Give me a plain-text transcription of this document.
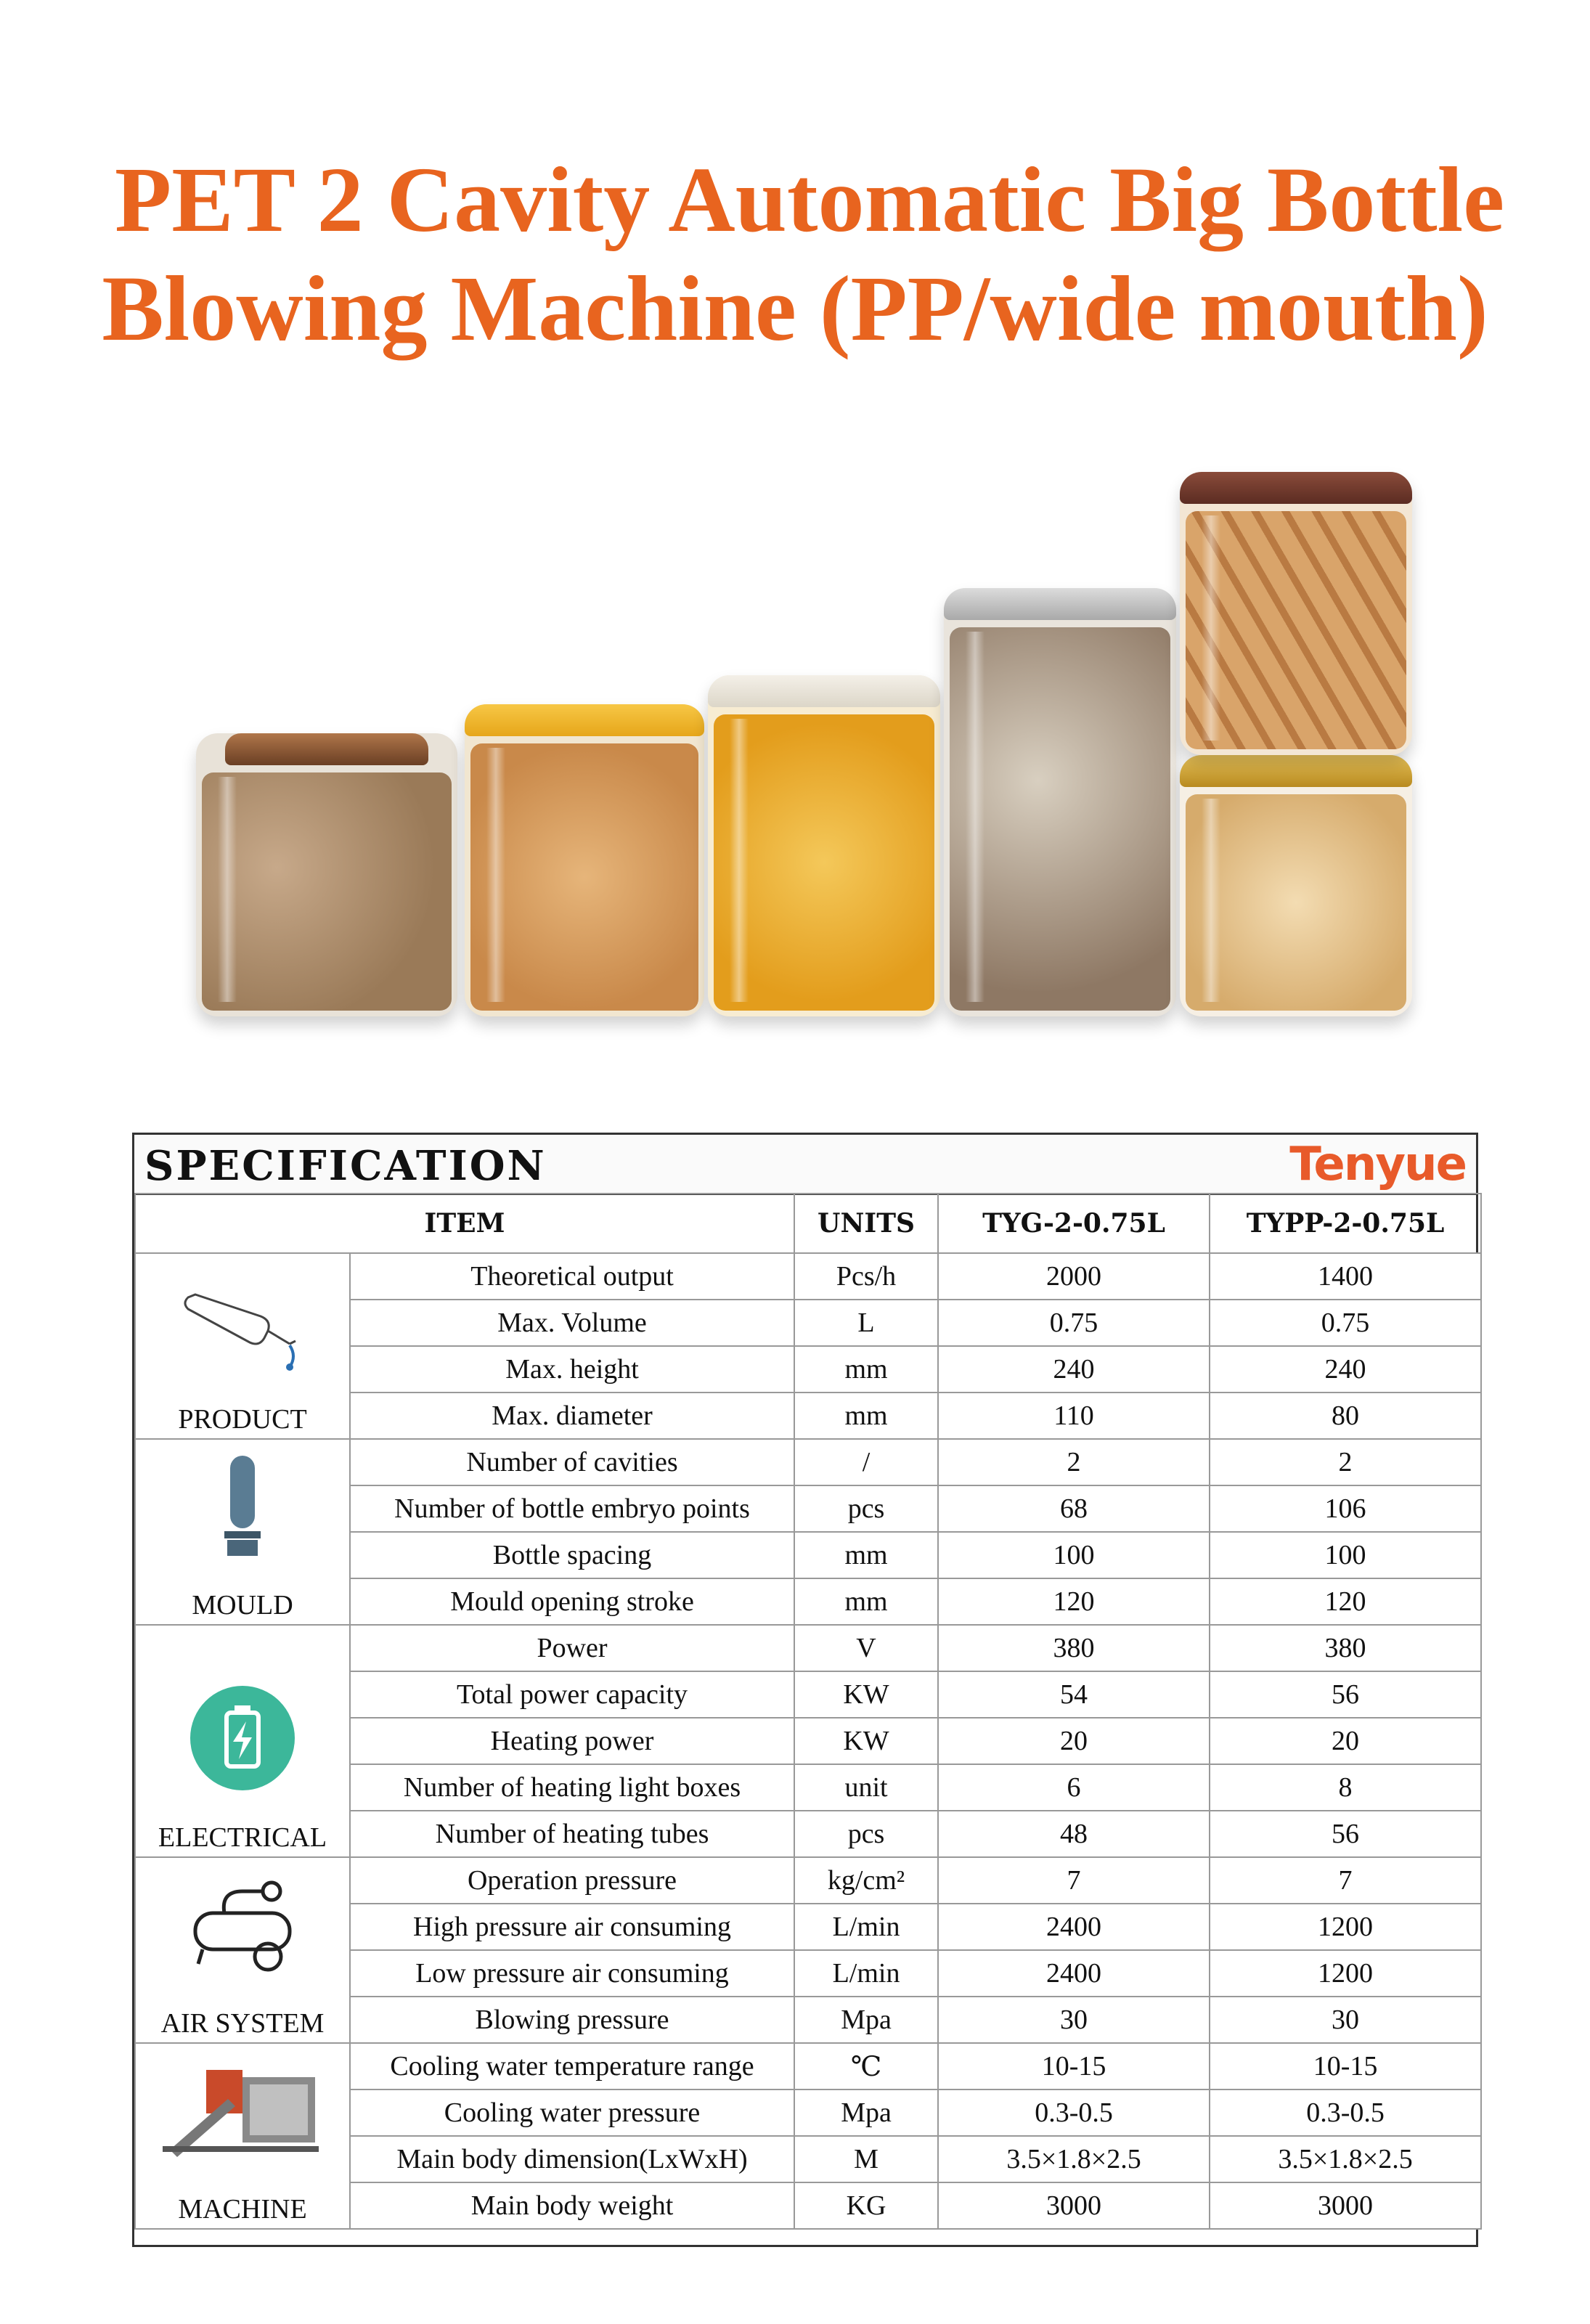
PET 2 Cavity Automatic Big Bottle
Blowing Machine (PP/wide mouth)
SPECIFICATION	Tenyue
ITEM		UNITS	TYG-2-0.75L	TYPP-2-0.75L

PRODUCT	Theoretical output	Pcs/h	2000	1400
	Max. Volume	L	0.75	0.75
	Max. height	mm	240	240
	Max. diameter	mm	110	80

MOULD	Number of cavities	/	2	2
	Number of bottle embryo points	pcs	68	106
	Bottle spacing	mm	100	100
	Mould opening stroke	mm	120	120

ELECTRICAL	Power	V	380	380
	Total power capacity	KW	54	56
	Heating power	KW	20	20
	Number of heating light boxes	unit	6	8
	Number of heating tubes	pcs	48	56

AIR SYSTEM	Operation pressure	kg/cm²	7	7
	High pressure air consuming	L/min	2400	1200
	Low pressure air consuming	L/min	2400	1200
	Blowing pressure	Mpa	30	30

MACHINE	Cooling water temperature range	℃	10-15	10-15
	Cooling water pressure	Mpa	0.3-0.5	0.3-0.5
	Main body dimension(LxWxH)	M	3.5×1.8×2.5	3.5×1.8×2.5
	Main body weight	KG	3000	3000
